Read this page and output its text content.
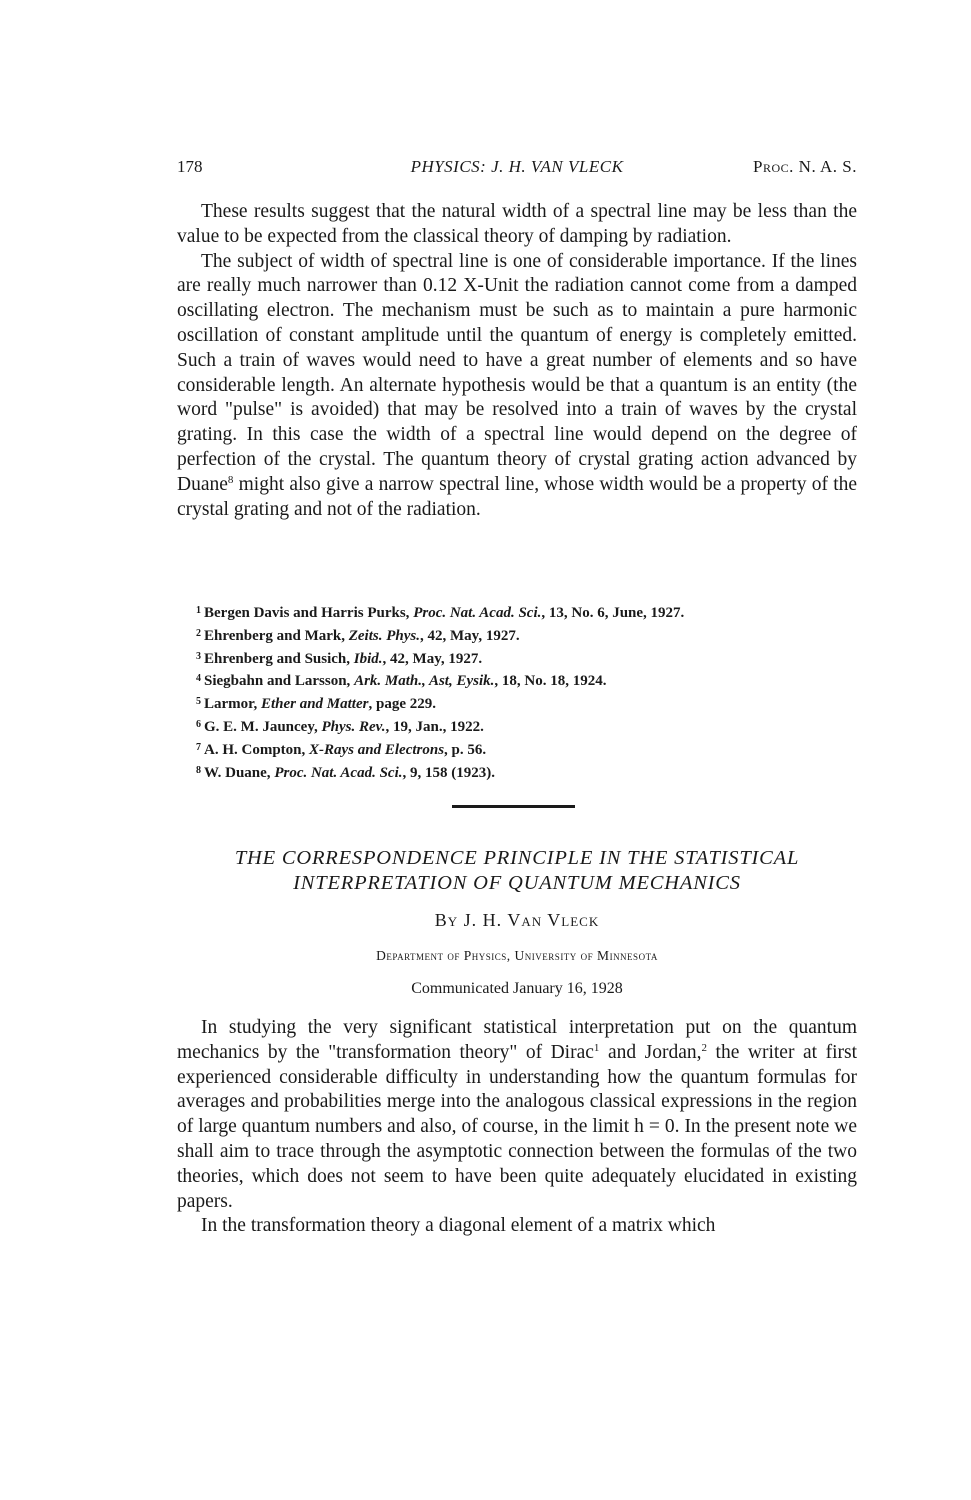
178	PHYSICS: J. H. VAN VLECK	Proc. N. A. S.

These results suggest that the natural width of a spectral line may be less than the value to be expected from the classical theory of damping by radiation.

The subject of width of spectral line is one of considerable importance. If the lines are really much narrower than 0.12 X-Unit the radiation cannot come from a damped oscillating electron. The mechanism must be such as to maintain a pure harmonic oscillation of constant amplitude until the quantum of energy is completely emitted. Such a train of waves would need to have a great number of elements and so have considerable length. An alternate hypothesis would be that a quantum is an entity (the word "pulse" is avoided) that may be resolved into a train of waves by the crystal grating. In this case the width of a spectral line would depend on the degree of perfection of the crystal. The quantum theory of crystal grating action advanced by Duane$^8$ might also give a narrow spectral line, whose width would be a property of the crystal grating and not of the radiation.

$^1$ Bergen Davis and Harris Purks, Proc. Nat. Acad. Sci., 13, No. 6, June, 1927.
$^2$ Ehrenberg and Mark, Zeits. Phys., 42, May, 1927.
$^3$ Ehrenberg and Susich, Ibid., 42, May, 1927.
$^4$ Siegbahn and Larsson, Ark. Math., Ast, Eysik., 18, No. 18, 1924.
$^5$ Larmor, Ether and Matter, page 229.
$^6$ G. E. M. Jauncey, Phys. Rev., 19, Jan., 1922.
$^7$ A. H. Compton, X-Rays and Electrons, p. 56.
$^8$ W. Duane, Proc. Nat. Acad. Sci., 9, 158 (1923).
THE CORRESPONDENCE PRINCIPLE IN THE STATISTICAL
INTERPRETATION OF QUANTUM MECHANICS
By J. H. Van Vleck
Department of Physics, University of Minnesota
Communicated January 16, 1928

In studying the very significant statistical interpretation put on the quantum mechanics by the "transformation theory" of Dirac$^1$ and Jordan,$^2$ the writer at first experienced considerable difficulty in understanding how the quantum formulas for averages and probabilities merge into the analogous classical expressions in the region of large quantum numbers and also, of course, in the limit h = 0. In the present note we shall aim to trace through the asymptotic connection between the formulas of the two theories, which does not seem to have been quite adequately elucidated in existing papers.

In the transformation theory a diagonal element of a matrix which
